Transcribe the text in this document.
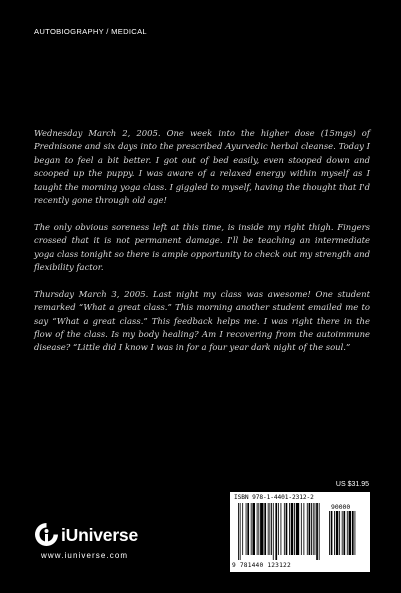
AUTOBIOGRAPHY / MEDICAL

Wednesday March 2, 2005. One week into the higher dose (15mgs) of Prednisone and six days into the prescribed Ayurvedic herbal cleanse. Today I began to feel a bit better. I got out of bed easily, even stooped down and scooped up the puppy. I was aware of a relaxed energy within myself as I taught the morning yoga class. I giggled to myself, having the thought that I'd recently gone through old age!

The only obvious soreness left at this time, is inside my right thigh. Fingers crossed that it is not permanent damage. I'll be teaching an intermediate yoga class tonight so there is ample opportunity to check out my strength and flexibility factor.

Thursday March 3, 2005. Last night my class was awesome! One student remarked “What a great class.” This morning another student emailed me to say “What a great class.” This feedback helps me. I was right there in the flow of the class. Is my body healing? Am I recovering from the autoimmune disease? “Little did I know I was in for a four year dark night of the soul.”

US $31.95
ISBN 978-1-4401-2312-2
90000
9 781440 123122
iUniverse
www.iuniverse.com
